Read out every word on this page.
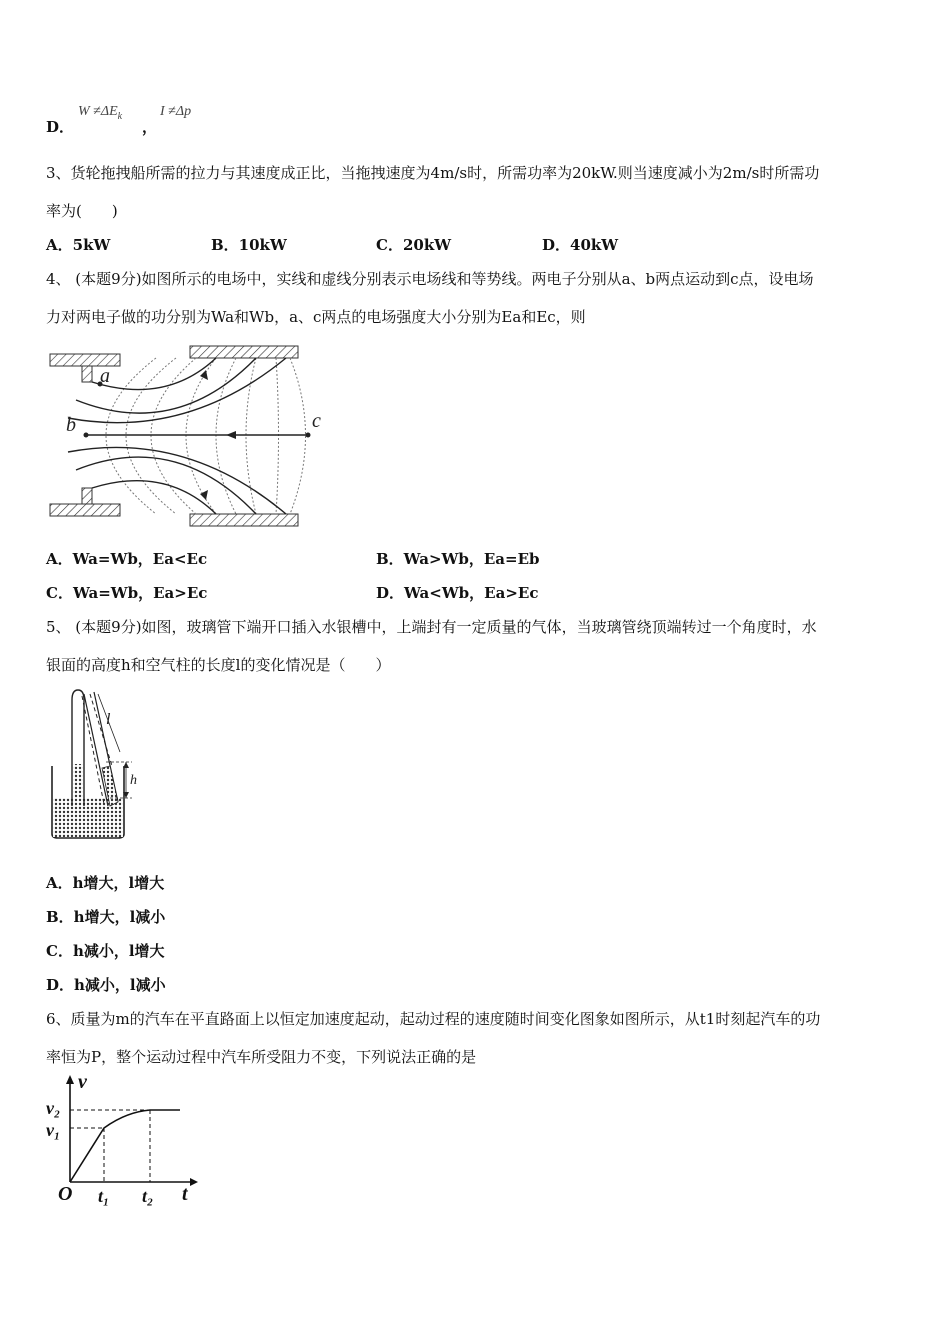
D．
$W \ne\Delta E_k$
，
I ≠Δp
3、货轮拖拽船所需的拉力与其速度成正比，当拖拽速度为4m/s时，所需功率为20kW.则当速度减小为2m/s时所需功
率为(　　)
A．5kW	B．10kW	C．20kW	D．40kW
4、 (本题9分)如图所示的电场中，实线和虚线分别表示电场线和等势线。两电子分别从a、b两点运动到c点，设电场
力对两电子做的功分别为Wa和Wb，a、c两点的电场强度大小分别为Ea和Ec，则
a
b	c
A．Wa=Wb，Ea<Ec	B．Wa>Wb，Ea=Eb
C．Wa=Wb，Ea>Ec	D．Wa<Wb，Ea>Ec
5、 (本题9分)如图，玻璃管下端开口插入水银槽中，上端封有一定质量的气体，当玻璃管绕顶端转过一个角度时，水
银面的高度h和空气柱的长度l的变化情况是（　　）
l
h
A．h增大，l增大
B．h增大，l减小
C．h减小，l增大
D．h减小，l减小
6、质量为m的汽车在平直路面上以恒定加速度起动，起动过程的速度随时间变化图象如图所示，从t1时刻起汽车的功
率恒为P，整个运动过程中汽车所受阻力不变，下列说法正确的是
v
v₂
v₁
O t₁ t₂ t
